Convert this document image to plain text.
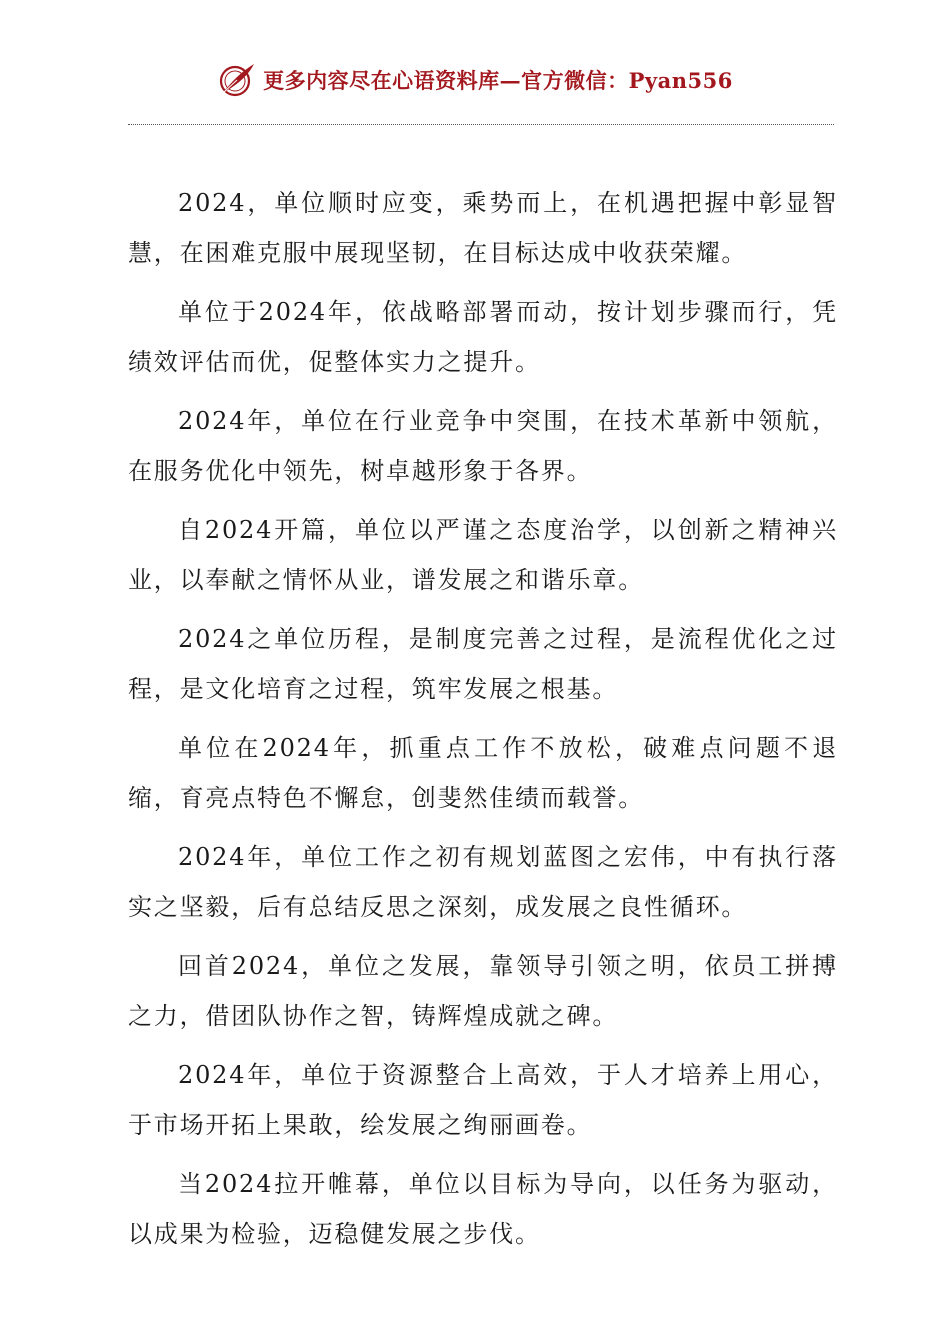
更多内容尽在心语资料库—官方微信：Pyan556

2024，单位顺时应变，乘势而上，在机遇把握中彰显智慧，在困难克服中展现坚韧，在目标达成中收获荣耀。

单位于2024年，依战略部署而动，按计划步骤而行，凭绩效评估而优，促整体实力之提升。

2024年，单位在行业竞争中突围，在技术革新中领航，在服务优化中领先，树卓越形象于各界。

自2024开篇，单位以严谨之态度治学，以创新之精神兴业，以奉献之情怀从业，谱发展之和谐乐章。

2024之单位历程，是制度完善之过程，是流程优化之过程，是文化培育之过程，筑牢发展之根基。

单位在2024年，抓重点工作不放松，破难点问题不退缩，育亮点特色不懈怠，创斐然佳绩而载誉。

2024年，单位工作之初有规划蓝图之宏伟，中有执行落实之坚毅，后有总结反思之深刻，成发展之良性循环。

回首2024，单位之发展，靠领导引领之明，依员工拼搏之力，借团队协作之智，铸辉煌成就之碑。

2024年，单位于资源整合上高效，于人才培养上用心，于市场开拓上果敢，绘发展之绚丽画卷。

当2024拉开帷幕，单位以目标为导向，以任务为驱动，以成果为检验，迈稳健发展之步伐。
